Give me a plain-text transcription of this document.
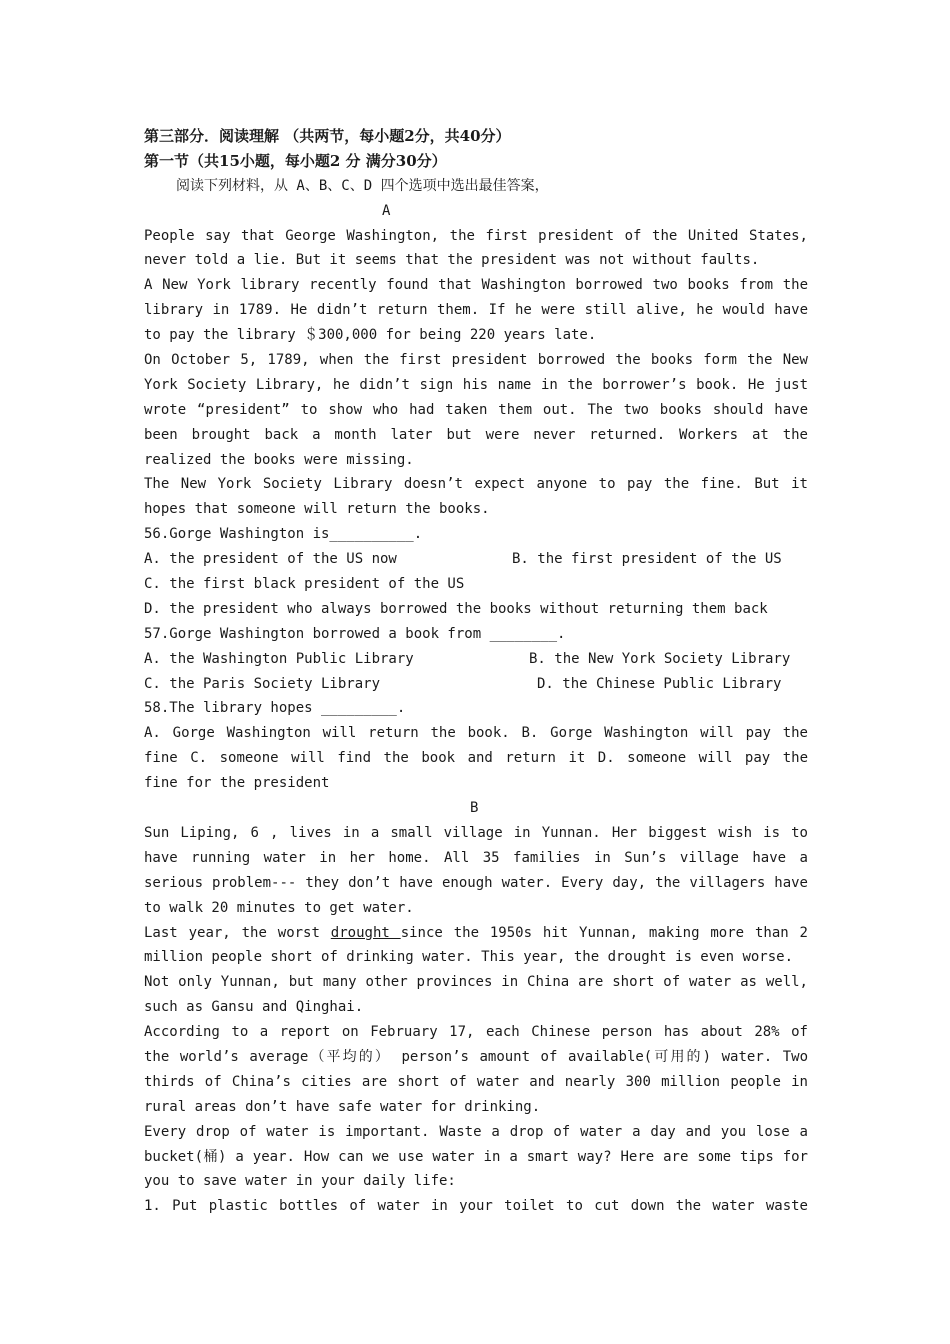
第三部分．阅读理解 （共两节，每小题2分，共40分）
第一节（共15小题，每小题2 分 满分30分）
阅读下列材料，从 A、B、C、D 四个选项中选出最佳答案，
A
People say that George Washington, the first president of the United States,
never told a lie. But it seems that the president was not without faults.
A New York library recently found that Washington borrowed two books from the
library in 1789. He didn’t return them. If he were still alive, he would have
to pay the library ＄300,000 for being 220 years late.
On October 5, 1789, when the first president borrowed the books form the New
York Society Library, he didn’t sign his name in the borrower’s book. He just
wrote “president” to show who had taken them out. The two books should have
been brought back a month later but were never returned. Workers at the
realized the books were missing.
The New York Society Library doesn’t expect anyone to pay the fine. But it
hopes that someone will return the books.
56.Gorge Washington is__________.
A. the president of the US now	B. the first president of the US
C. the first black president of the US
D. the president who always borrowed the books without returning them back
57.Gorge Washington borrowed a book from ________.
A. the Washington Public Library	B. the New York Society Library
C. the Paris Society Library	D. the Chinese Public Library
58.The library hopes _________.
A. Gorge Washington will return the book. B. Gorge Washington will pay the
fine C. someone will find the book and return it D. someone will pay the
fine for the president
B
Sun Liping, 6 , lives in a small village in Yunnan. Her biggest wish is to
have running water in her home. All 35 families in Sun’s village have a
serious problem--- they don’t have enough water. Every day, the villagers have
to walk 20 minutes to get water.
Last year, the worst drought since the 1950s hit Yunnan, making more than 2
million people short of drinking water. This year, the drought is even worse.
Not only Yunnan, but many other provinces in China are short of water as well,
such as Gansu and Qinghai.
According to a report on February 17, each Chinese person has about 28% of
the world’s average（平均的） person’s amount of available(可用的) water. Two
thirds of China’s cities are short of water and nearly 300 million people in
rural areas don’t have safe water for drinking.
Every drop of water is important. Waste a drop of water a day and you lose a
bucket(桶) a year. How can we use water in a smart way? Here are some tips for
you to save water in your daily life:
1. Put plastic bottles of water in your toilet to cut down the water waste
